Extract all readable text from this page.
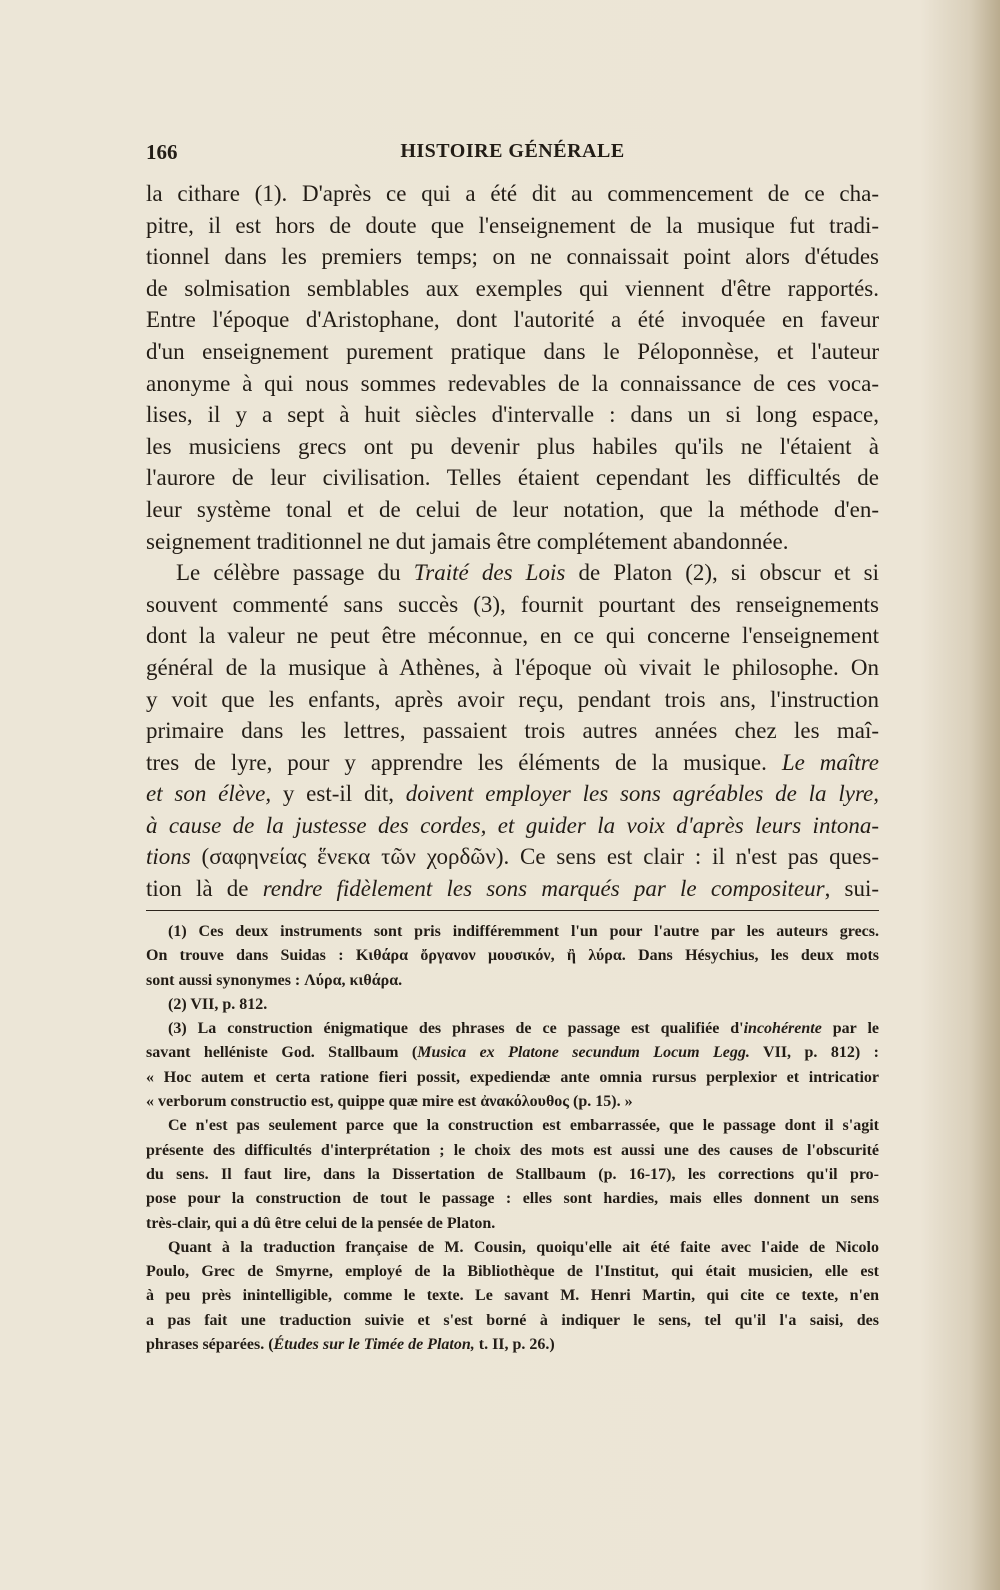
166	HISTOIRE GÉNÉRALE
la cithare (1). D'après ce qui a été dit au commencement de ce cha-
pitre, il est hors de doute que l'enseignement de la musique fut tradi-
tionnel dans les premiers temps; on ne connaissait point alors d'études
de solmisation semblables aux exemples qui viennent d'être rapportés.
Entre l'époque d'Aristophane, dont l'autorité a été invoquée en faveur
d'un enseignement purement pratique dans le Péloponnèse, et l'auteur
anonyme à qui nous sommes redevables de la connaissance de ces voca-
lises, il y a sept à huit siècles d'intervalle : dans un si long espace,
les musiciens grecs ont pu devenir plus habiles qu'ils ne l'étaient à
l'aurore de leur civilisation. Telles étaient cependant les difficultés de
leur système tonal et de celui de leur notation, que la méthode d'en-
seignement traditionnel ne dut jamais être complétement abandonnée.
Le célèbre passage du Traité des Lois de Platon (2), si obscur et si
souvent commenté sans succès (3), fournit pourtant des renseignements
dont la valeur ne peut être méconnue, en ce qui concerne l'enseignement
général de la musique à Athènes, à l'époque où vivait le philosophe. On
y voit que les enfants, après avoir reçu, pendant trois ans, l'instruction
primaire dans les lettres, passaient trois autres années chez les maî-
tres de lyre, pour y apprendre les éléments de la musique. Le maître
et son élève, y est-il dit, doivent employer les sons agréables de la lyre,
à cause de la justesse des cordes, et guider la voix d'après leurs intona-
tions (σαφηνείας ἕνεκα τῶν χορδῶν). Ce sens est clair : il n'est pas ques-
tion là de rendre fidèlement les sons marqués par le compositeur, sui-
(1) Ces deux instruments sont pris indifféremment l'un pour l'autre par les auteurs grecs.
On trouve dans Suidas : Κιθάρα ὄργανον μουσικόν, ἢ λύρα. Dans Hésychius, les deux mots
sont aussi synonymes : Λύρα, κιθάρα.
(2) VII, p. 812.
(3) La construction énigmatique des phrases de ce passage est qualifiée d'incohérente par le
savant helléniste God. Stallbaum (Musica ex Platone secundum Locum Legg. VII, p. 812) :
« Hoc autem et certa ratione fieri possit, expediendæ ante omnia rursus perplexior et intricatior
« verborum constructio est, quippe quæ mire est ἀνακόλουθος (p. 15). »
Ce n'est pas seulement parce que la construction est embarrassée, que le passage dont il s'agit
présente des difficultés d'interprétation ; le choix des mots est aussi une des causes de l'obscurité
du sens. Il faut lire, dans la Dissertation de Stallbaum (p. 16-17), les corrections qu'il pro-
pose pour la construction de tout le passage : elles sont hardies, mais elles donnent un sens
très-clair, qui a dû être celui de la pensée de Platon.
Quant à la traduction française de M. Cousin, quoiqu'elle ait été faite avec l'aide de Nicolo
Poulo, Grec de Smyrne, employé de la Bibliothèque de l'Institut, qui était musicien, elle est
à peu près inintelligible, comme le texte. Le savant M. Henri Martin, qui cite ce texte, n'en
a pas fait une traduction suivie et s'est borné à indiquer le sens, tel qu'il l'a saisi, des
phrases séparées. (Études sur le Timée de Platon, t. II, p. 26.)
